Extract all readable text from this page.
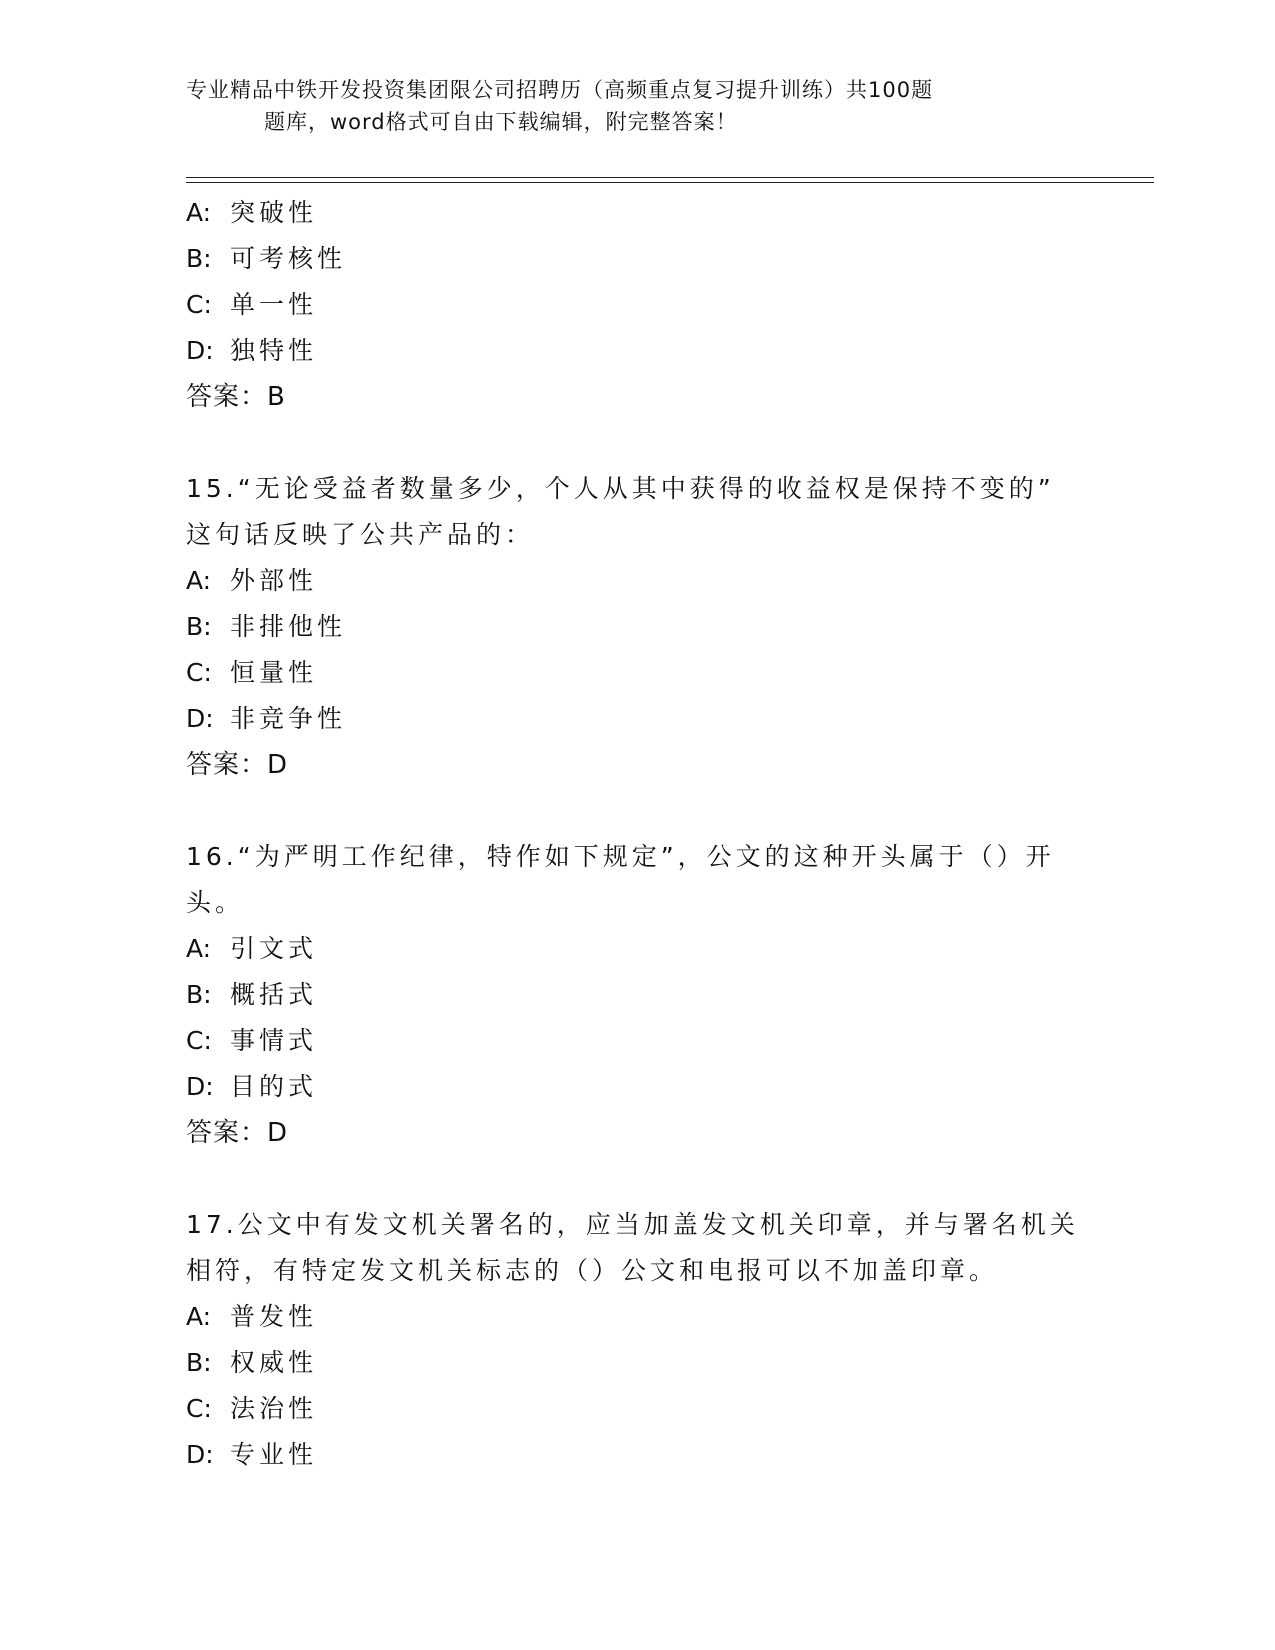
专业精品中铁开发投资集团限公司招聘历（高频重点复习提升训练）共100题
题库，word格式可自由下载编辑，附完整答案！
A: 突破性
B: 可考核性
C: 单一性
D: 独特性
答案：B
15.“无论受益者数量多少，个人从其中获得的收益权是保持不变的”
这句话反映了公共产品的：
A: 外部性
B: 非排他性
C: 恒量性
D: 非竞争性
答案：D
16.“为严明工作纪律，特作如下规定”，公文的这种开头属于（）开
头。
A: 引文式
B: 概括式
C: 事情式
D: 目的式
答案：D
17.公文中有发文机关署名的，应当加盖发文机关印章，并与署名机关
相符，有特定发文机关标志的（）公文和电报可以不加盖印章。
A: 普发性
B: 权威性
C: 法治性
D: 专业性
